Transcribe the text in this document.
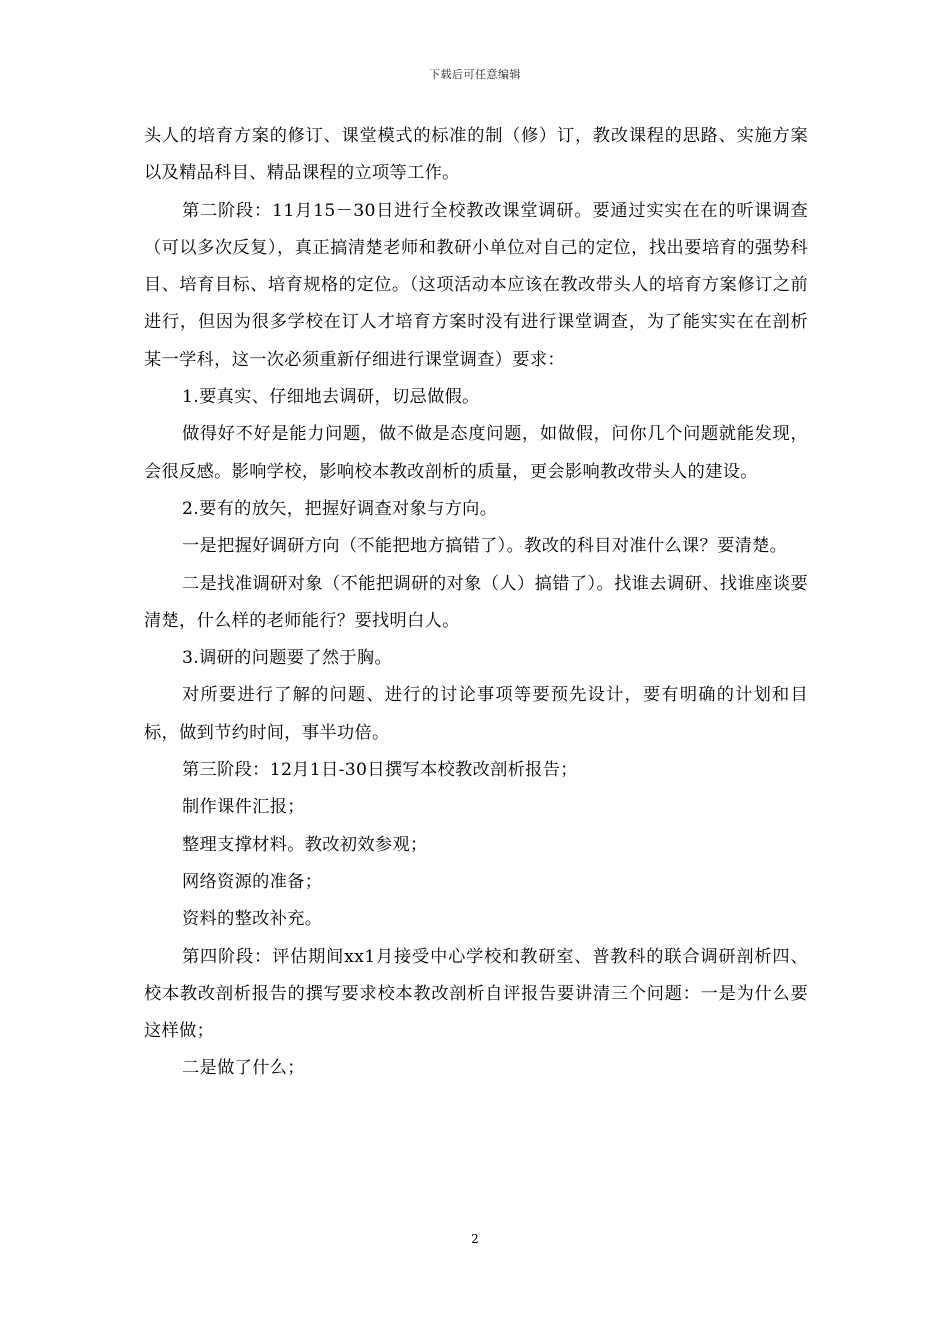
下载后可任意编辑

头人的培育方案的修订、课堂模式的标准的制（修）订，教改课程的思路、实施方案以及精品科目、精品课程的立项等工作。

第二阶段：11月15－30日进行全校教改课堂调研。要通过实实在在的听课调查（可以多次反复），真正搞清楚老师和教研小单位对自己的定位，找出要培育的强势科目、培育目标、培育规格的定位。（这项活动本应该在教改带头人的培育方案修订之前进行，但因为很多学校在订人才培育方案时没有进行课堂调查，为了能实实在在剖析某一学科，这一次必须重新仔细进行课堂调查）要求：

1.要真实、仔细地去调研，切忌做假。

做得好不好是能力问题，做不做是态度问题，如做假，问你几个问题就能发现，会很反感。影响学校，影响校本教改剖析的质量，更会影响教改带头人的建设。

2.要有的放矢，把握好调查对象与方向。

一是把握好调研方向（不能把地方搞错了）。教改的科目对准什么课？要清楚。

二是找准调研对象（不能把调研的对象（人）搞错了）。找谁去调研、找谁座谈要清楚，什么样的老师能行？要找明白人。

3.调研的问题要了然于胸。

对所要进行了解的问题、进行的讨论事项等要预先设计，要有明确的计划和目标，做到节约时间，事半功倍。

第三阶段：12月1日-30日撰写本校教改剖析报告；

制作课件汇报；

整理支撑材料。教改初效参观；

网络资源的准备；

资料的整改补充。

第四阶段：评估期间xx1月接受中心学校和教研室、普教科的联合调研剖析四、校本教改剖析报告的撰写要求校本教改剖析自评报告要讲清三个问题：一是为什么要这样做；

二是做了什么；

2
